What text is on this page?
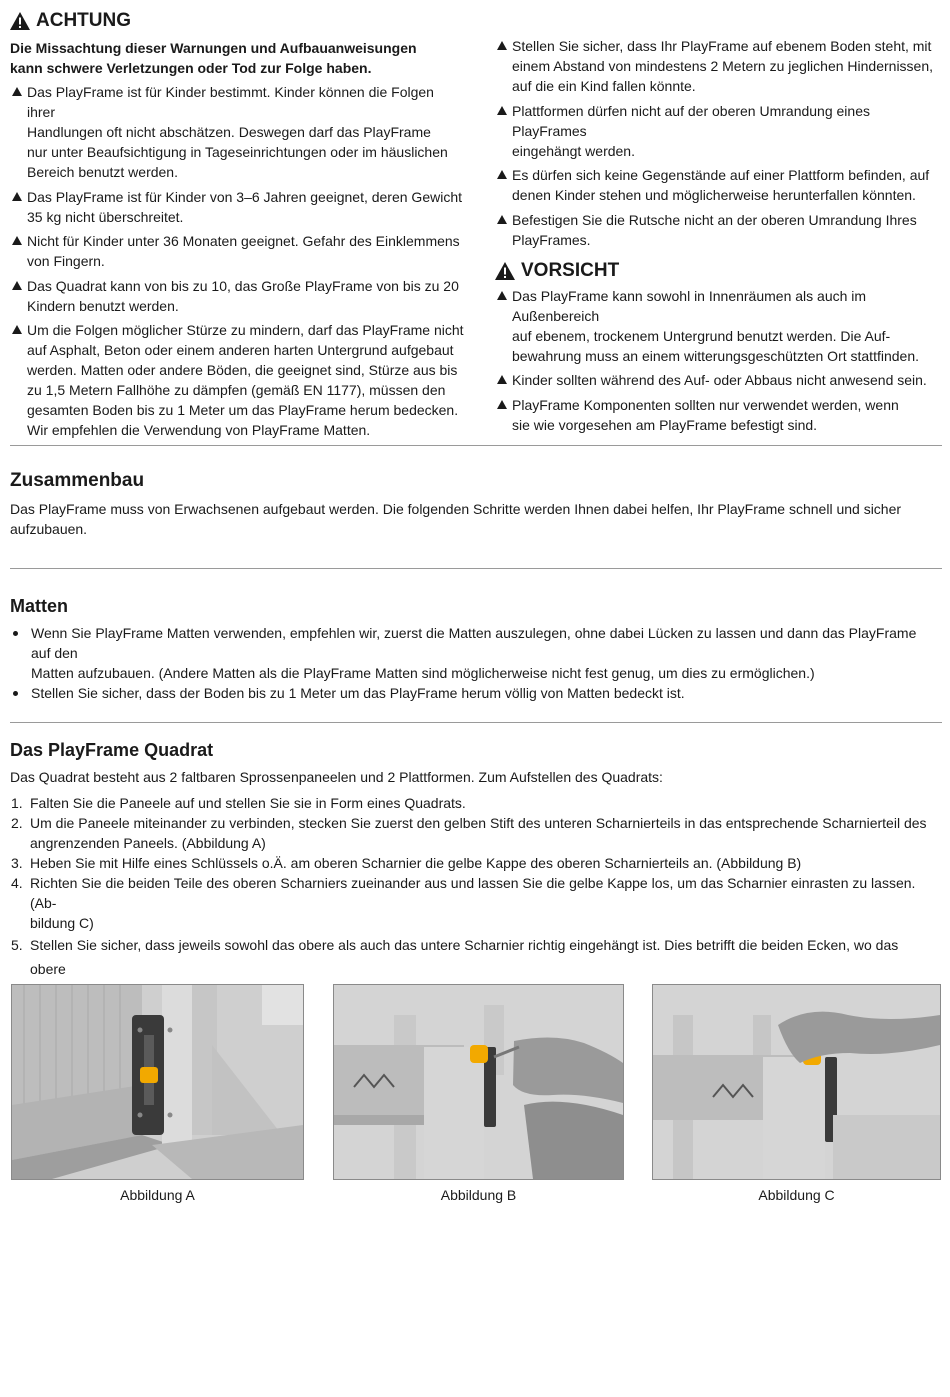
ACHTUNG
Die Missachtung dieser Warnungen und Aufbauanweisungen
kann schwere Verletzungen oder Tod zur Folge haben.
Das PlayFrame ist für Kinder bestimmt. Kinder können die Folgen ihrer
Handlungen oft nicht abschätzen. Deswegen darf das PlayFrame
nur unter Beaufsichtigung in Tageseinrichtungen oder im häuslichen
Bereich benutzt werden.
Das PlayFrame ist für Kinder von 3–6 Jahren geeignet, deren Gewicht
35 kg nicht überschreitet.
Nicht für Kinder unter 36 Monaten geeignet. Gefahr des Einklemmens
von Fingern.
Das Quadrat kann von bis zu 10, das Große PlayFrame von bis zu 20
Kindern benutzt werden.
Um die Folgen möglicher Stürze zu mindern, darf das PlayFrame nicht
auf Asphalt, Beton oder einem anderen harten Untergrund aufgebaut
werden. Matten oder andere Böden, die geeignet sind, Stürze aus bis
zu 1,5 Metern Fallhöhe zu dämpfen (gemäß EN 1177), müssen den
gesamten Boden bis zu 1 Meter um das PlayFrame herum bedecken.
Wir empfehlen die Verwendung von PlayFrame Matten.
Stellen Sie sicher, dass Ihr PlayFrame auf ebenem Boden steht, mit
einem Abstand von mindestens 2 Metern zu jeglichen Hindernissen,
auf die ein Kind fallen könnte.
Plattformen dürfen nicht auf der oberen Umrandung eines PlayFrames
eingehängt werden.
Es dürfen sich keine Gegenstände auf einer Plattform befinden, auf
denen Kinder stehen und möglicherweise herunterfallen könnten.
Befestigen Sie die Rutsche nicht an der oberen Umrandung Ihres
PlayFrames.
VORSICHT
Das PlayFrame kann sowohl in Innenräumen als auch im Außenbereich
auf ebenem, trockenem Untergrund benutzt werden. Die Auf-
bewahrung muss an einem witterungsgeschützten Ort stattfinden.
Kinder sollten während des Auf- oder Abbaus nicht anwesend sein.
PlayFrame Komponenten sollten nur verwendet werden, wenn
sie wie vorgesehen am PlayFrame befestigt sind.
Zusammenbau
Das PlayFrame muss von Erwachsenen aufgebaut werden. Die folgenden Schritte werden Ihnen dabei helfen, Ihr PlayFrame schnell und sicher
aufzubauen.
Matten
Wenn Sie PlayFrame Matten verwenden, empfehlen wir, zuerst die Matten auszulegen, ohne dabei Lücken zu lassen und dann das PlayFrame auf den
Matten aufzubauen. (Andere Matten als die PlayFrame Matten sind möglicherweise nicht fest genug, um dies zu ermöglichen.)
Stellen Sie sicher, dass der Boden bis zu 1 Meter um das PlayFrame herum völlig von Matten bedeckt ist.
Das PlayFrame Quadrat

Das Quadrat besteht aus 2 faltbaren Sprossenpaneelen und 2 Plattformen. Zum Aufstellen des Quadrats:

1. Falten Sie die Paneele auf und stellen Sie sie in Form eines Quadrats.
2. Um die Paneele miteinander zu verbinden, stecken Sie zuerst den gelben Stift des unteren Scharnierteils in das entsprechende Scharnierteil des
angrenzenden Paneels. (Abbildung A)
3. Heben Sie mit Hilfe eines Schlüssels o.Ä. am oberen Scharnier die gelbe Kappe des oberen Scharnierteils an. (Abbildung B)
4. Richten Sie die beiden Teile des oberen Scharniers zueinander aus und lassen Sie die gelbe Kappe los, um das Scharnier einrasten zu lassen. (Ab-
bildung C)
5. Stellen Sie sicher, dass jeweils sowohl das obere als auch das untere Scharnier richtig eingehängt ist. Dies betrifft die beiden Ecken, wo das obere
Abbildung A	Abbildung B	Abbildung C
